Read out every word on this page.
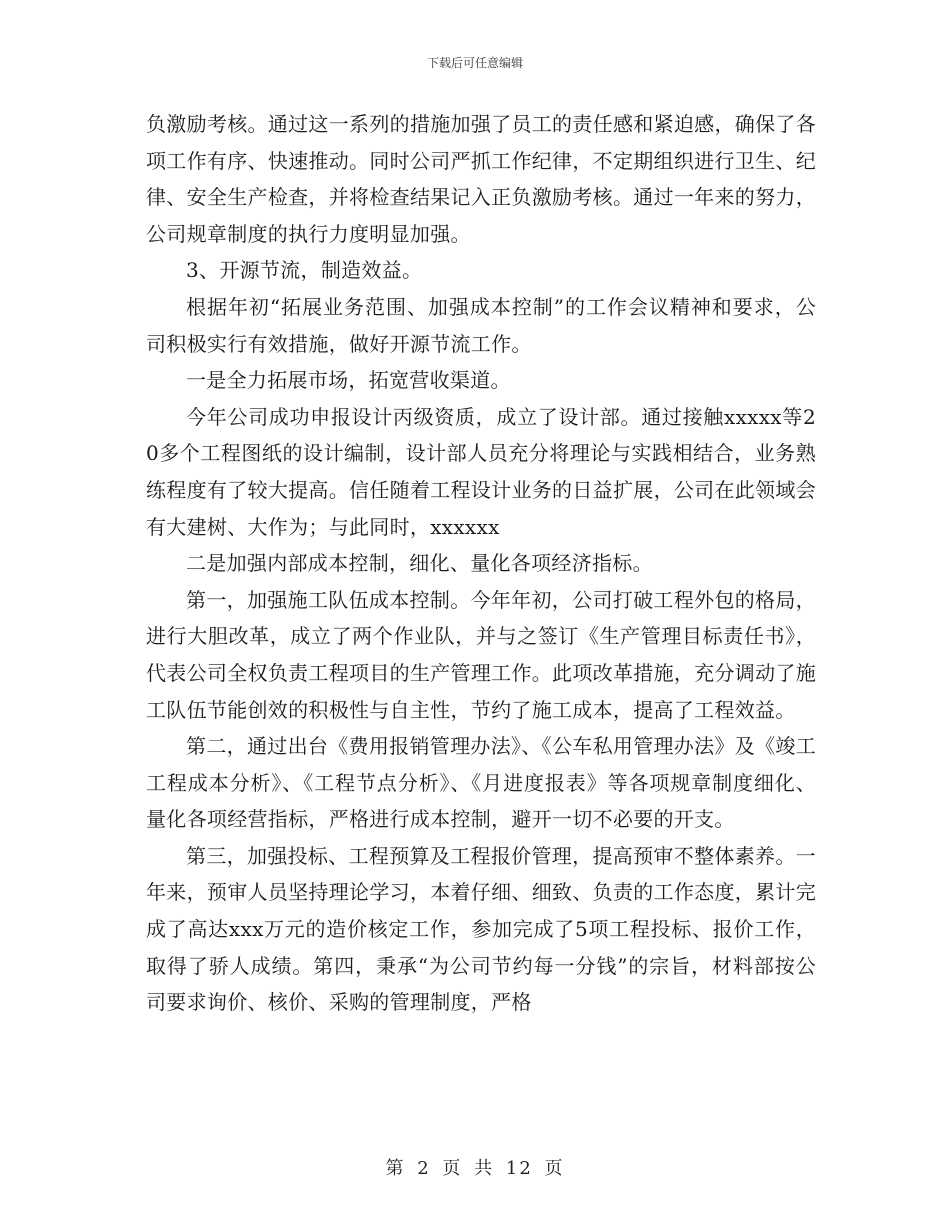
下载后可任意编辑

负激励考核。通过这一系列的措施加强了员工的责任感和紧迫感，确保了各项工作有序、快速推动。同时公司严抓工作纪律，不定期组织进行卫生、纪律、安全生产检查，并将检查结果记入正负激励考核。通过一年来的努力，公司规章制度的执行力度明显加强。

3、开源节流，制造效益。

根据年初“拓展业务范围、加强成本控制”的工作会议精神和要求，公司积极实行有效措施，做好开源节流工作。

一是全力拓展市场，拓宽营收渠道。

今年公司成功申报设计丙级资质，成立了设计部。通过接触xxxxx等20多个工程图纸的设计编制，设计部人员充分将理论与实践相结合，业务熟练程度有了较大提高。信任随着工程设计业务的日益扩展，公司在此领域会有大建树、大作为；与此同时，xxxxxx

二是加强内部成本控制，细化、量化各项经济指标。

第一，加强施工队伍成本控制。今年年初，公司打破工程外包的格局，进行大胆改革，成立了两个作业队，并与之签订《生产管理目标责任书》，代表公司全权负责工程项目的生产管理工作。此项改革措施，充分调动了施工队伍节能创效的积极性与自主性，节约了施工成本，提高了工程效益。

第二，通过出台《费用报销管理办法》、《公车私用管理办法》及《竣工工程成本分析》、《工程节点分析》、《月进度报表》等各项规章制度细化、量化各项经营指标，严格进行成本控制，避开一切不必要的开支。

第三，加强投标、工程预算及工程报价管理，提高预审不整体素养。一年来，预审人员坚持理论学习，本着仔细、细致、负责的工作态度，累计完成了高达xxx万元的造价核定工作，参加完成了5项工程投标、报价工作，取得了骄人成绩。第四，秉承“为公司节约每一分钱”的宗旨，材料部按公司要求询价、核价、采购的管理制度，严格

第 2 页 共 12 页
